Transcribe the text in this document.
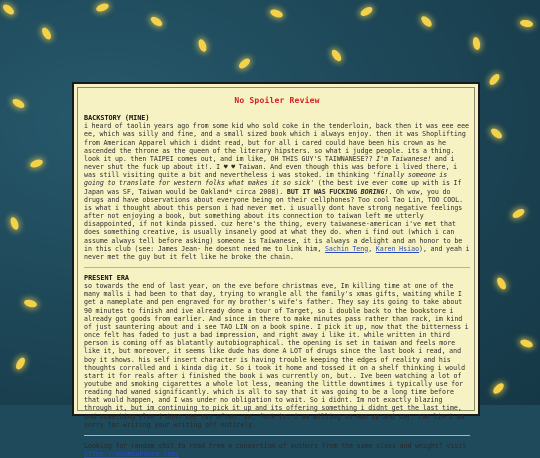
No Spoiler Review
BACKSTORY (MINE)

i heard of taolin years ago from some kid who sold coke in the tenderloin, back then it was eee eee ee, which was silly and fine, and a small sized book which i always enjoy. then it was Shoplifting from American Apparel which i didnt read, but for all i cared could have been his crown as he ascended the throne as the queen of the literary hipsters. so what i judge people. its a thing. look it up. then TAIPEI comes out, and im like, OH THIS GUY'S TAIWNANESE?? I'm Taiwanese! and i never shut the fuck up about it!. I ♥ ♥ Taiwan. And even though this was before i lived there, i was still visiting quite a bit and nevertheless i was stoked. im thinking 'finally someone is going to translate for western folks what makes it so sick' (the best ive ever come up with is If Japan was SF, Taiwan would be Oakland* circa 2008). BUT IT WAS FUCKING BORING!. Oh wow, you do drugs and have observations about everyone being on their cellphones? Too cool Tao Lin, TOO COOL. is what i thought about this person i had never met. i usually dont have strong negative feelings after not enjoying a book, but something about its connection to taiwan left me utterly disappointed, if not kinda pissed. cuz here's the thing, every taiwanese-american i've met that does something creative, is usually insanely good at what they do. when i find out (which i can assume always tell before asking) someone is Taiwanese, it is always a delight and an honor to be in this club (see: James Jean- he doesnt need me to link him, Sachin Teng, Karen Hsiao), and yeah i never met the guy but it felt like he broke the chain.

PRESENT ERA

so towards the end of last year, on the eve before christmas eve, Im killing time at one of the many malls i had been to that day, trying to wrangle all the family's xmas gifts, waiting while I get a nameplate and pen engraved for my brother's wife's father. They say its going to take about 90 minutes to finish and ive already done a tour of Target, so i double back to the bookstore i already got goods from earlier. And since im there to make minutes pass rather than rack, im kind of just sauntering about and i see TAO LIN on a book spine. I pick it up, now that the bitterness i once felt has faded to just a bad impression, and right away i like it. while written in third person is coming off as blatantly autobiographical. the opening is set in taiwan and feels more like it, but moreover, it seems like dude has done A LOT of drugs since the last book i read, and boy it shows. his self insert character is having trouble keeping the edges of reality and his thoughts corralled and i kinda dig it. So i took it home and tossed it on a shelf thinking i would start it for reals after i finished the book i was currently on, but.. Ive been watching a lot of youtube and smoking cigarettes a whole lot less, meaning the little downtimes i typically use for reading had waned significantly. which is all to say that it was going to be a long time before that would happen, and I was under no obligation to wait. So i didnt. Im not exactly blazing through it, but im continuing to pick it up and its offering something i didnt get the last time, and something else i dont see too often. so, fuck it. i am willing to man up and say, tao lin i am sorry for writing your writing off entirely.

Looking for random shit to read from a consortium of authors from the same class and weight? visit
https://muumuuhouse.com/
